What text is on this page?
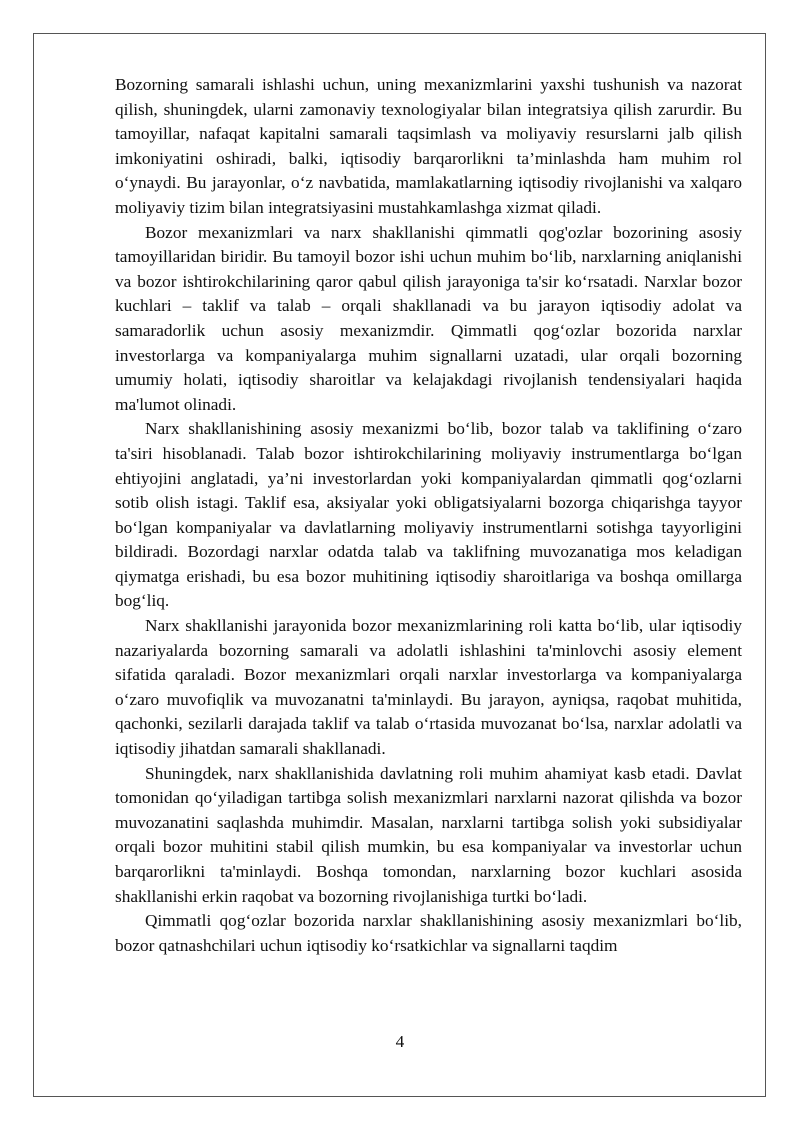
Bozorning samarali ishlashi uchun, uning mexanizmlarini yaxshi tushunish va nazorat qilish, shuningdek, ularni zamonaviy texnologiyalar bilan integratsiya qilish zarurdir. Bu tamoyillar, nafaqat kapitalni samarali taqsimlash va moliyaviy resurslarni jalb qilish imkoniyatini oshiradi, balki, iqtisodiy barqarorlikni ta’minlashda ham muhim rol o‘ynaydi. Bu jarayonlar, o‘z navbatida, mamlakatlarning iqtisodiy rivojlanishi va xalqaro moliyaviy tizim bilan integratsiyasini mustahkamlashga xizmat qiladi.

Bozor mexanizmlari va narx shakllanishi qimmatli qog'ozlar bozorining asosiy tamoyillaridan biridir. Bu tamoyil bozor ishi uchun muhim bo‘lib, narxlarning aniqlanishi va bozor ishtirokchilarining qaror qabul qilish jarayoniga ta'sir ko‘rsatadi. Narxlar bozor kuchlari – taklif va talab – orqali shakllanadi va bu jarayon iqtisodiy adolat va samaradorlik uchun asosiy mexanizmdir. Qimmatli qog‘ozlar bozorida narxlar investorlarga va kompaniyalarga muhim signallarni uzatadi, ular orqali bozorning umumiy holati, iqtisodiy sharoitlar va kelajakdagi rivojlanish tendensiyalari haqida ma'lumot olinadi.

Narx shakllanishining asosiy mexanizmi bo‘lib, bozor talab va taklifining o‘zaro ta'siri hisoblanadi. Talab bozor ishtirokchilarining moliyaviy instrumentlarga bo‘lgan ehtiyojini anglatadi, ya’ni investorlardan yoki kompaniyalardan qimmatli qog‘ozlarni sotib olish istagi. Taklif esa, aksiyalar yoki obligatsiyalarni bozorga chiqarishga tayyor bo‘lgan kompaniyalar va davlatlarning moliyaviy instrumentlarni sotishga tayyorligini bildiradi. Bozordagi narxlar odatda talab va taklifning muvozanatiga mos keladigan qiymatga erishadi, bu esa bozor muhitining iqtisodiy sharoitlariga va boshqa omillarga bog‘liq.

Narx shakllanishi jarayonida bozor mexanizmlarining roli katta bo‘lib, ular iqtisodiy nazariyalarda bozorning samarali va adolatli ishlashini ta'minlovchi asosiy element sifatida qaraladi. Bozor mexanizmlari orqali narxlar investorlarga va kompaniyalarga o‘zaro muvofiqlik va muvozanatni ta'minlaydi. Bu jarayon, ayniqsa, raqobat muhitida, qachonki, sezilarli darajada taklif va talab o‘rtasida muvozanat bo‘lsa, narxlar adolatli va iqtisodiy jihatdan samarali shakllanadi.

Shuningdek, narx shakllanishida davlatning roli muhim ahamiyat kasb etadi. Davlat tomonidan qo‘yiladigan tartibga solish mexanizmlari narxlarni nazorat qilishda va bozor muvozanatini saqlashda muhimdir. Masalan, narxlarni tartibga solish yoki subsidiyalar orqali bozor muhitini stabil qilish mumkin, bu esa kompaniyalar va investorlar uchun barqarorlikni ta'minlaydi. Boshqa tomondan, narxlarning bozor kuchlari asosida shakllanishi erkin raqobat va bozorning rivojlanishiga turtki bo‘ladi.

Qimmatli qog‘ozlar bozorida narxlar shakllanishining asosiy mexanizmlari bo‘lib, bozor qatnashchilari uchun iqtisodiy ko‘rsatkichlar va signallarni taqdim

4
